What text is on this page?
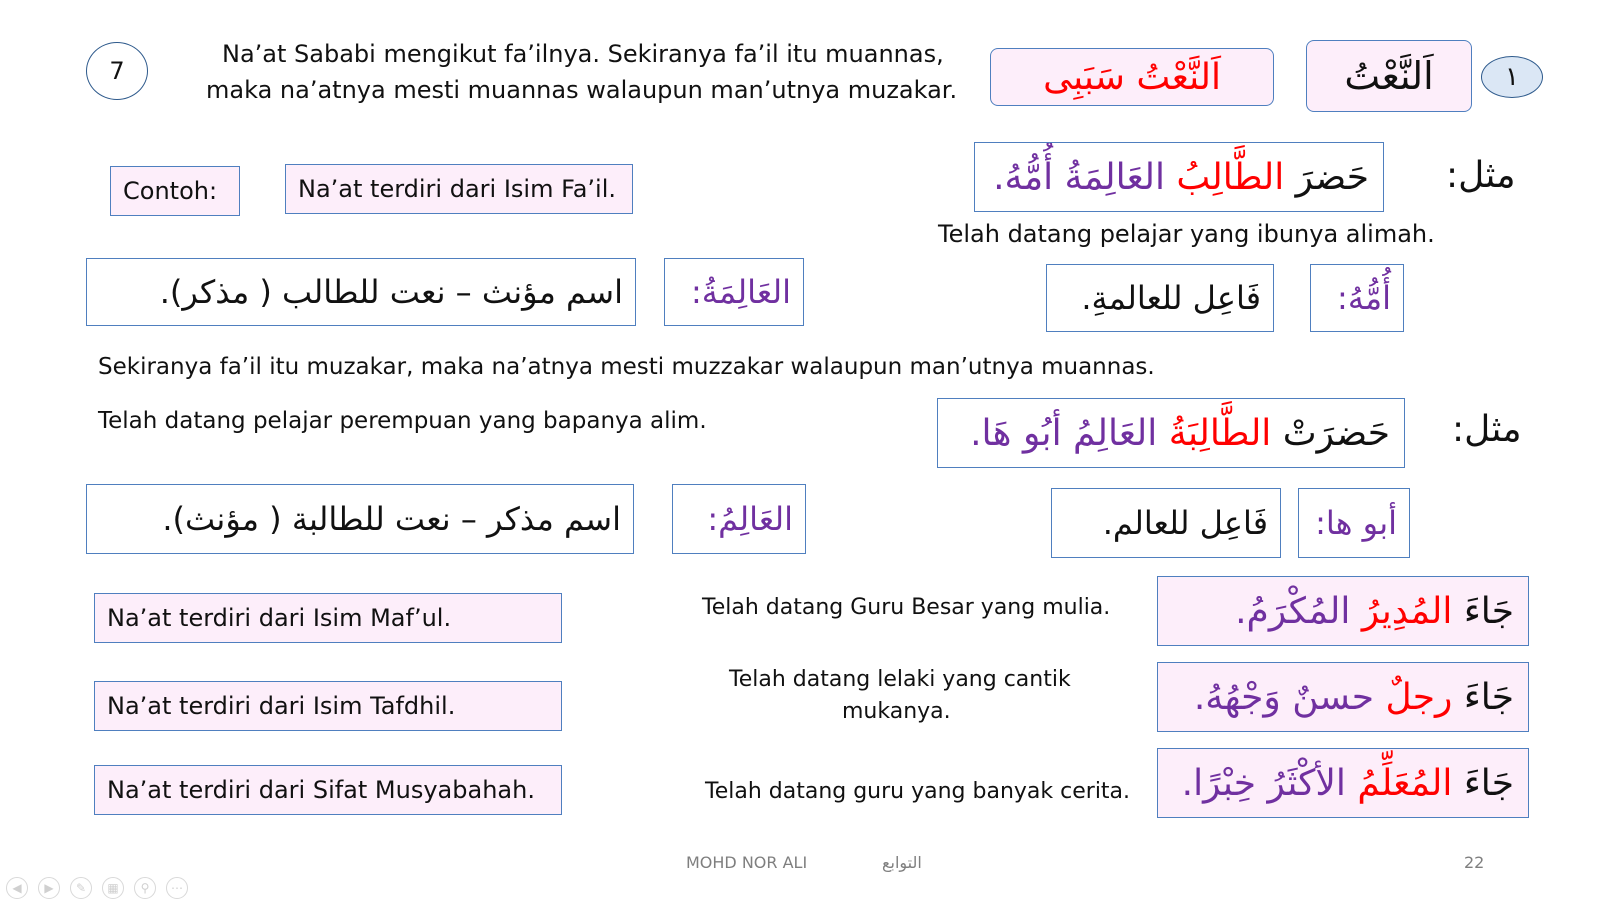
7
Na’at Sababi mengikut fa’ilnya. Sekiranya fa’il itu muannas,
maka na’atnya mesti muannas walaupun man’utnya muzakar. اَلنَّعْتُ سَبَبِى	اَلنَّعْتُ	١
مثل:
حَضرَ

الطَّالِبُ

العَالِمَةُ أُمُّهُ.
Telah datang pelajar yang ibunya alimah.
Contoh:	Na’at terdiri dari Isim Fa’il.
اسم مؤنث – نعت للطالب ( مذكر). العَالِمَةُ:	فَاعِل للعالمةِ. أُمُّهُ:
Sekiranya fa’il itu muzakar, maka na’atnya mesti muzzakar walaupun man’utnya muannas.
Telah datang pelajar perempuan yang bapanya alim.	مثل:
حَضرَتْ

الطَّالِبَةُ

العَالِمُ أبُو هَا.
اسم مذكر – نعت للطالبة ( مؤنث).	العَالِمُ:	فَاعِل للعالم. أبو ها:
Na’at terdiri dari Isim Maf’ul.	Telah datang Guru Besar yang mulia.	جَاءَ

المُدِيرُ

المُكْرَمُ.
Na’at terdiri dari Isim Tafdhil.
Telah datang lelaki yang cantik
mukanya.	جَاءَ

رجلٌ

حسنٌ وَجْهُهُ.
Na’at terdiri dari Sifat Musyabahah.	Telah datang guru yang banyak cerita.	جَاءَ

المُعَلِّمُ

الأكْثَرُ خِبْرًا.
MOHD NOR ALI	التوابع	22
◀	▶	✎	▦	⚲	⋯
